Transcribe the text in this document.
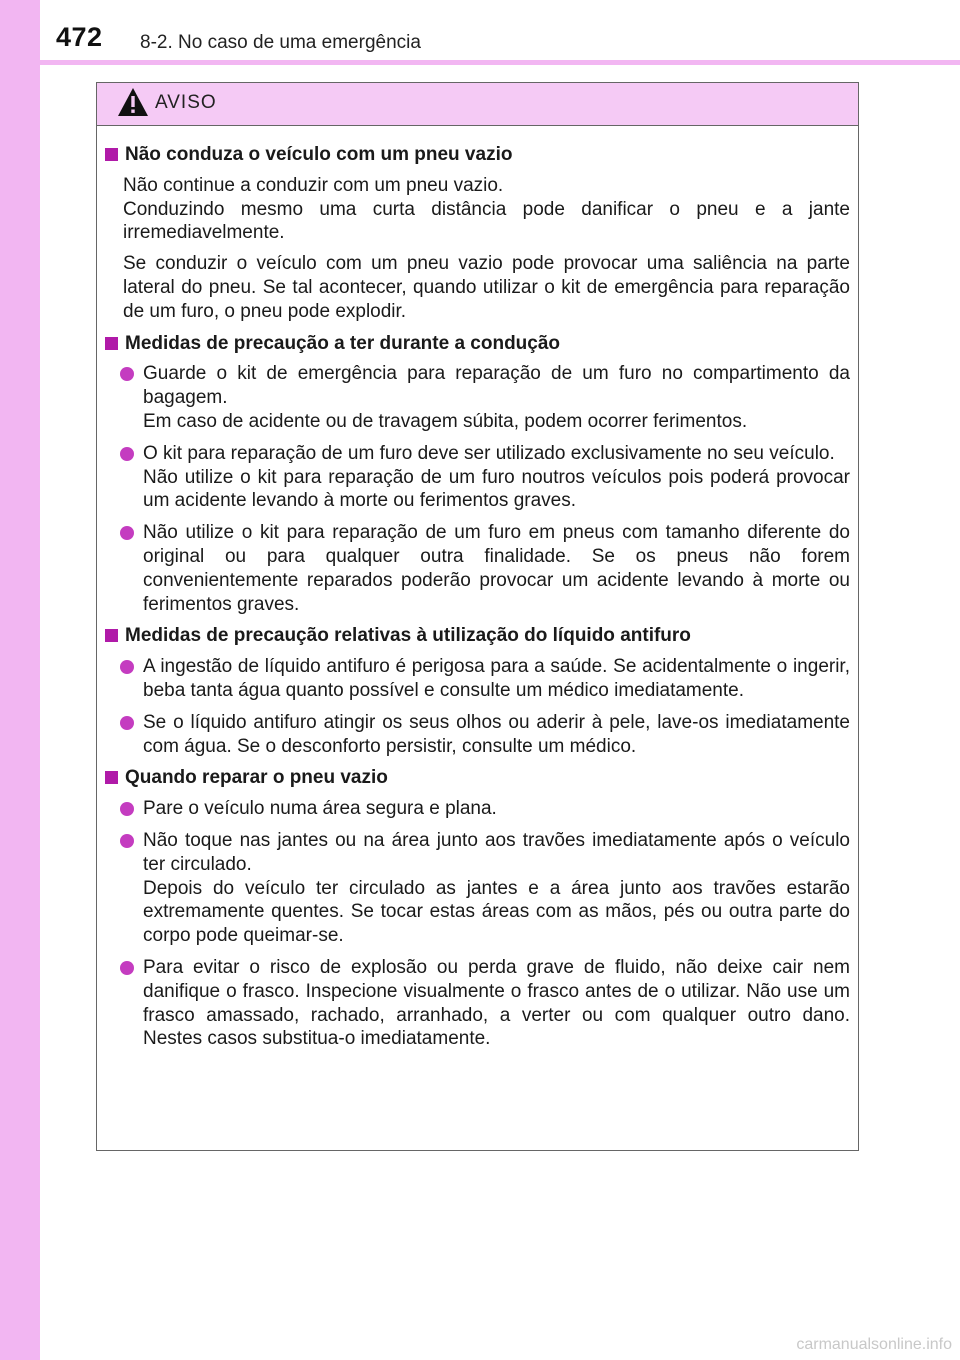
472 8-2. No caso de uma emergência
AVISO
Não conduza o veículo com um pneu vazio
Não continue a conduzir com um pneu vazio.
Conduzindo mesmo uma curta distância pode danificar o pneu e a jante irremediavelmente.
Se conduzir o veículo com um pneu vazio pode provocar uma saliência na parte lateral do pneu. Se tal acontecer, quando utilizar o kit de emergência para reparação de um furo, o pneu pode explodir.
Medidas de precaução a ter durante a condução
Guarde o kit de emergência para reparação de um furo no compartimento da bagagem.
Em caso de acidente ou de travagem súbita, podem ocorrer ferimentos.
O kit para reparação de um furo deve ser utilizado exclusivamente no seu veículo.
Não utilize o kit para reparação de um furo noutros veículos pois poderá provocar um acidente levando à morte ou ferimentos graves.
Não utilize o kit para reparação de um furo em pneus com tamanho diferente do original ou para qualquer outra finalidade. Se os pneus não forem convenientemente reparados poderão provocar um acidente levando à morte ou ferimentos graves.
Medidas de precaução relativas à utilização do líquido antifuro
A ingestão de líquido antifuro é perigosa para a saúde. Se acidentalmente o ingerir, beba tanta água quanto possível e consulte um médico imediatamente.
Se o líquido antifuro atingir os seus olhos ou aderir à pele, lave-os imediatamente com água. Se o desconforto persistir, consulte um médico.
Quando reparar o pneu vazio
Pare o veículo numa área segura e plana.
Não toque nas jantes ou na área junto aos travões imediatamente após o veículo ter circulado.
Depois do veículo ter circulado as jantes e a área junto aos travões estarão extremamente quentes. Se tocar estas áreas com as mãos, pés ou outra parte do corpo pode queimar-se.
Para evitar o risco de explosão ou perda grave de fluido, não deixe cair nem danifique o frasco. Inspecione visualmente o frasco antes de o utilizar. Não use um frasco amassado, rachado, arranhado, a verter ou com qualquer outro dano. Nestes casos substitua-o imediatamente.
carmanualsonline.info
